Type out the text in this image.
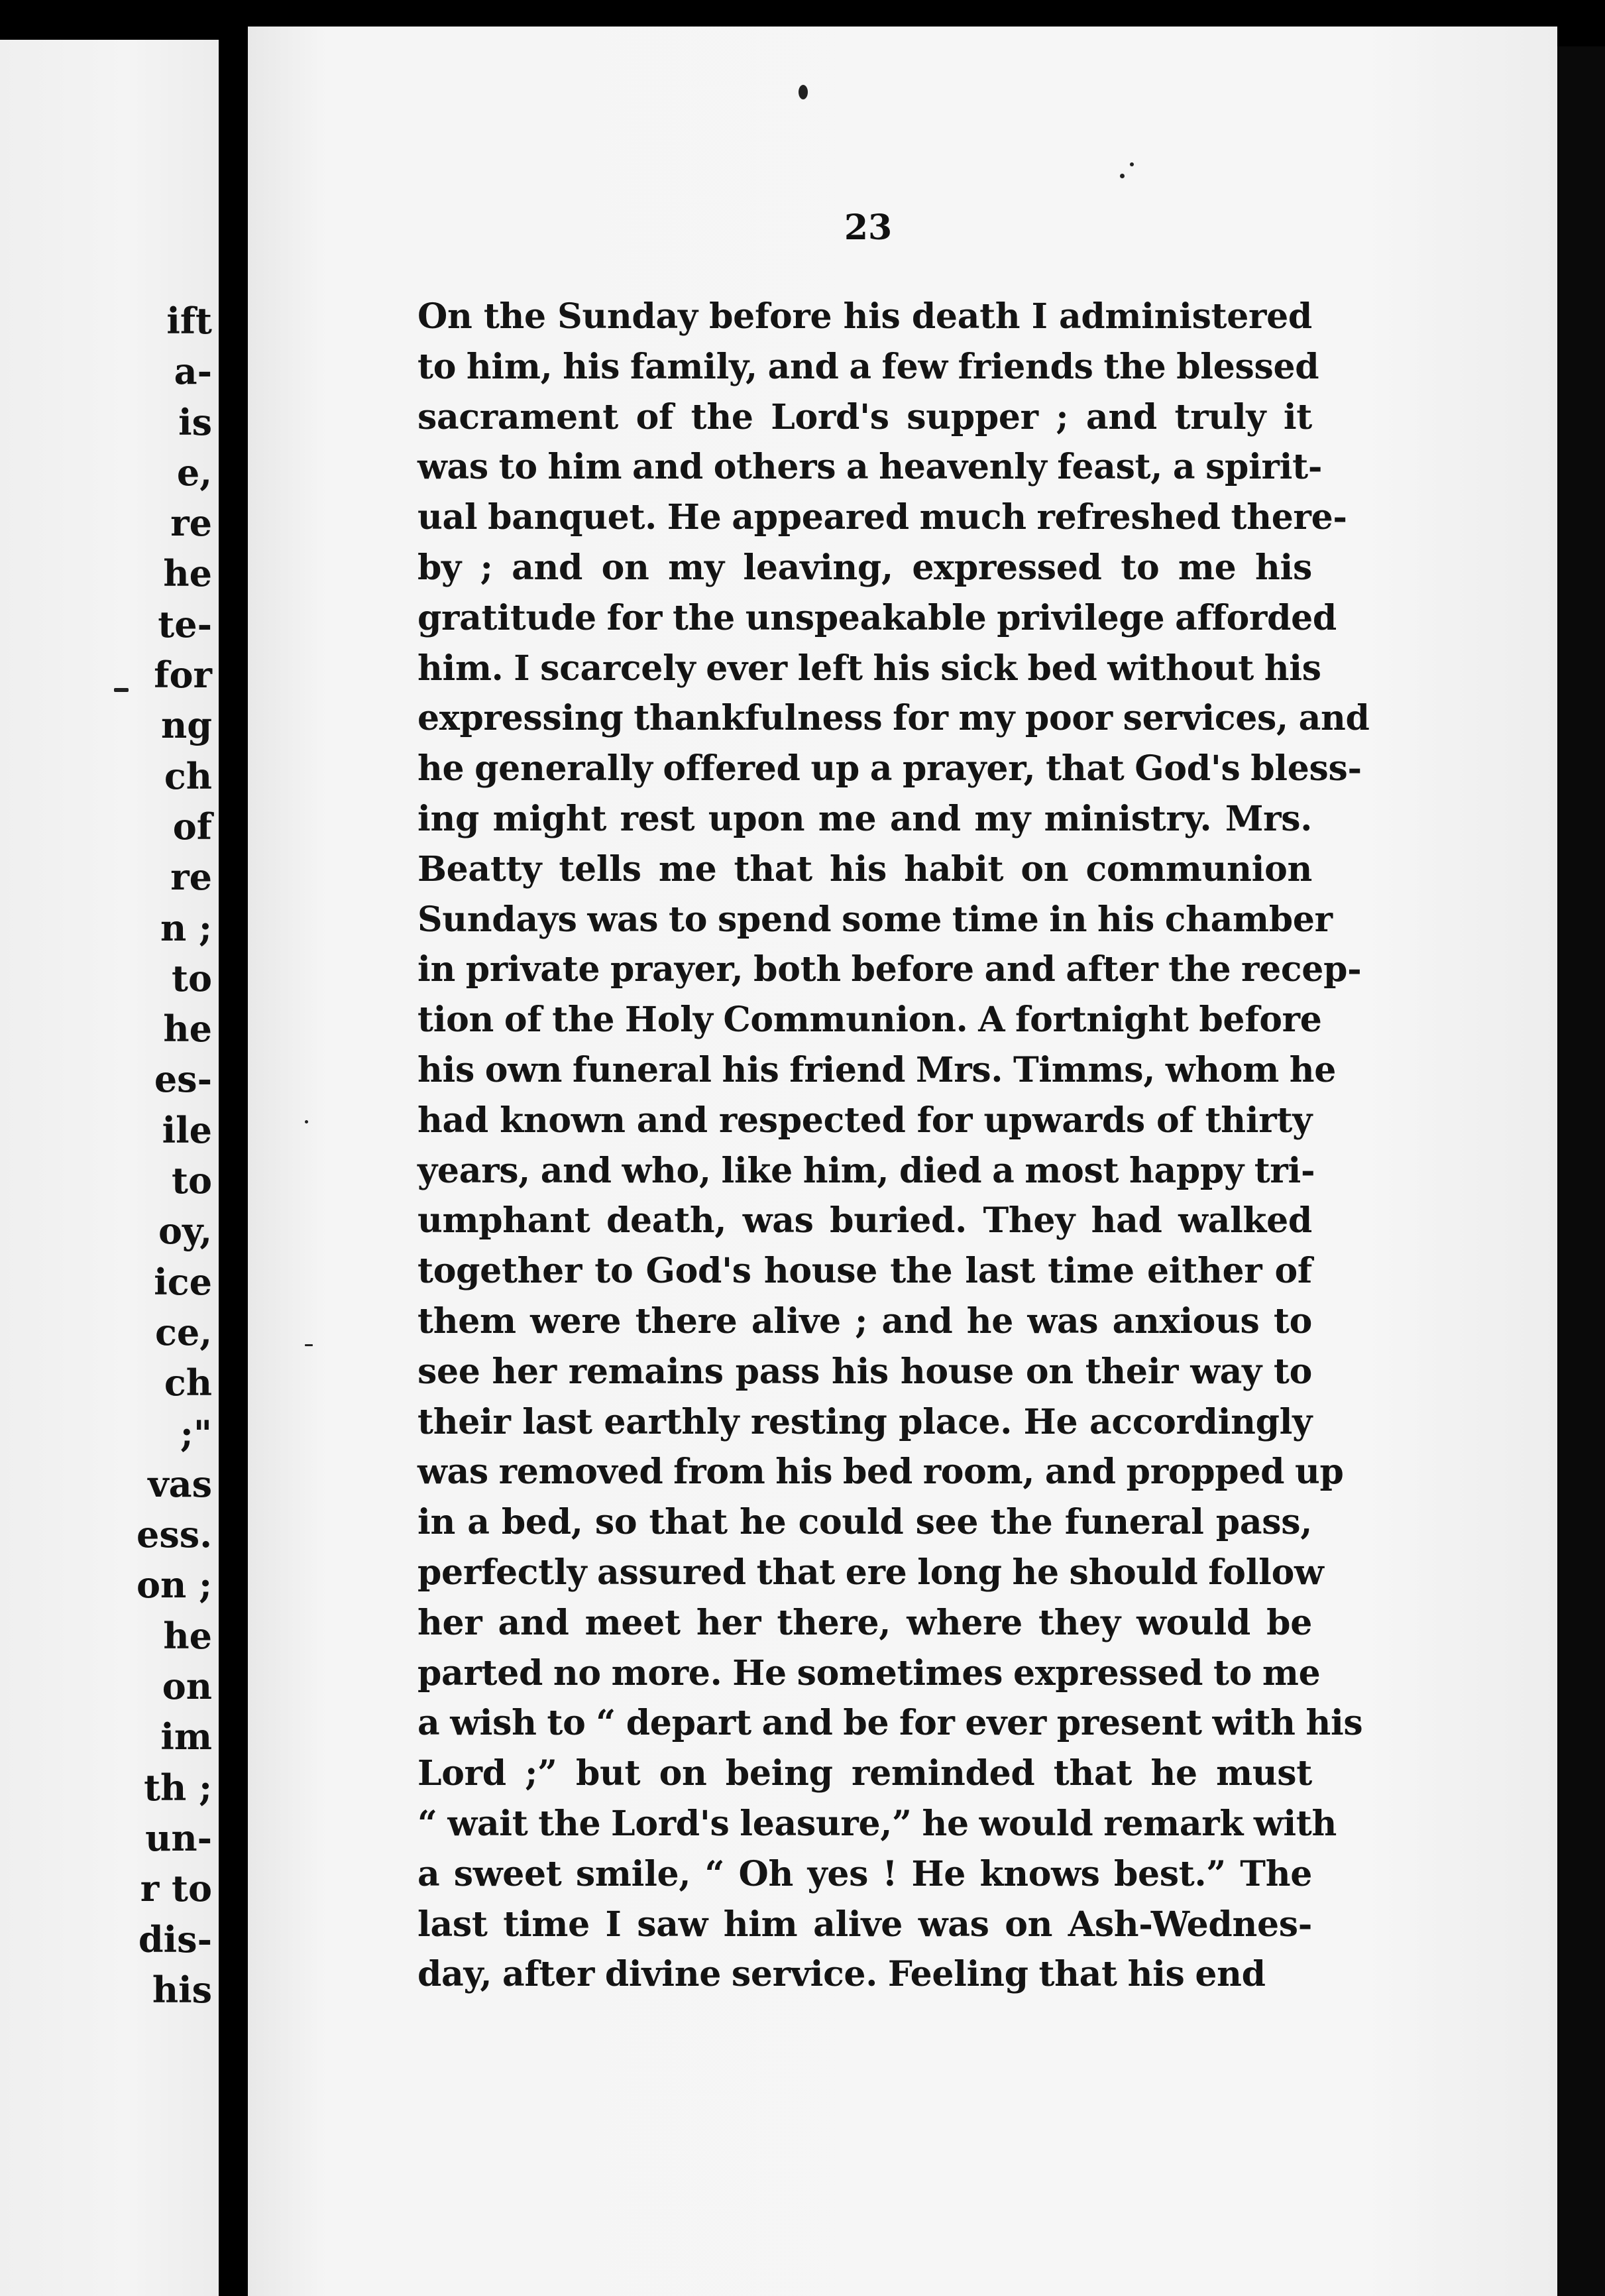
ift
a-
is
e,
re
he
te-
for
ng
ch
of
re
n ;
to
he
es-
ile
to
oy,
ice
ce,
ch
;"
vas
ess.
on ;
he
on
im
th ;
un-
r to
dis-
his
23
On the Sunday before his death I administered
to him, his family, and a few friends the blessed
sacrament of the Lord's supper ; and truly it
was to him and others a heavenly feast, a spirit-
ual banquet. He appeared much refreshed there-
by ; and on my leaving, expressed to me his
gratitude for the unspeakable privilege afforded
him. I scarcely ever left his sick bed without his
expressing thankfulness for my poor services, and
he generally offered up a prayer, that God's bless-
ing might rest upon me and my ministry. Mrs.
Beatty tells me that his habit on communion
Sundays was to spend some time in his chamber
in private prayer, both before and after the recep-
tion of the Holy Communion. A fortnight before
his own funeral his friend Mrs. Timms, whom he
had known and respected for upwards of thirty
years, and who, like him, died a most happy tri-
umphant death, was buried. They had walked
together to God's house the last time either of
them were there alive ; and he was anxious to
see her remains pass his house on their way to
their last earthly resting place. He accordingly
was removed from his bed room, and propped up
in a bed, so that he could see the funeral pass,
perfectly assured that ere long he should follow
her and meet her there, where they would be
parted no more. He sometimes expressed to me
a wish to “ depart and be for ever present with his
Lord ;” but on being reminded that he must
“ wait the Lord's leasure,” he would remark with
a sweet smile, “ Oh yes ! He knows best.” The
last time I saw him alive was on Ash-Wednes-
day, after divine service. Feeling that his end
